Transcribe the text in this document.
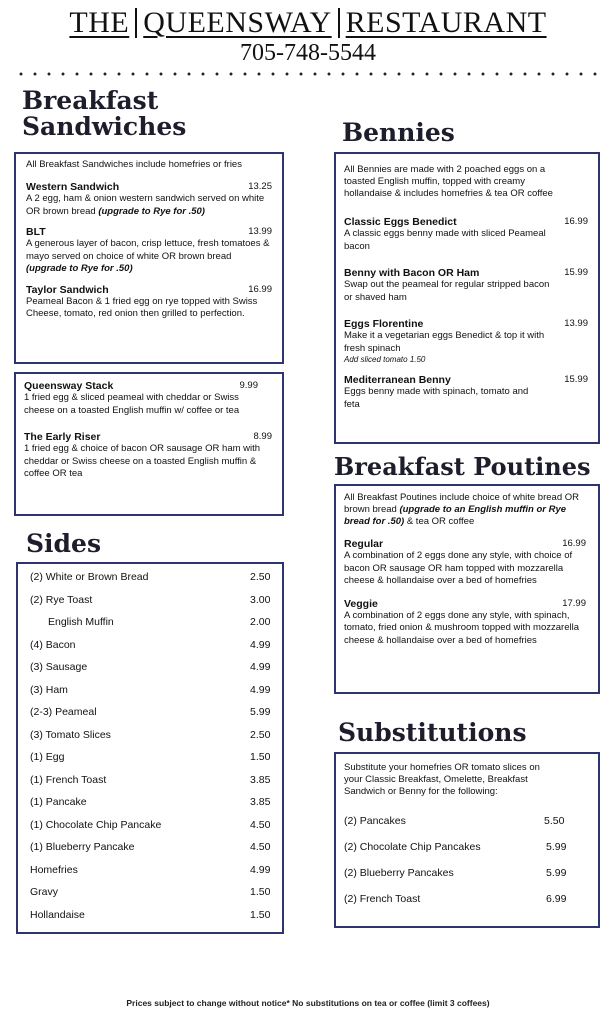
THE QUEENSWAY RESTAURANT
705-748-5544
Breakfast
Sandwiches
All Breakfast Sandwiches include homefries or fries
Western Sandwich	13.25
A 2 egg, ham & onion western sandwich served on white OR brown bread (upgrade to Rye for .50)
BLT	13.99
A generous layer of bacon, crisp lettuce, fresh tomatoes & mayo served on choice of white OR brown bread (upgrade to Rye for .50)
Taylor Sandwich	16.99
Peameal Bacon & 1 fried egg on rye topped with Swiss Cheese, tomato, red onion then grilled to perfection.
Queensway Stack	9.99
1 fried egg & sliced peameal with cheddar or Swiss cheese on a toasted English muffin w/ coffee or tea
The Early Riser	8.99
1 fried egg & choice of bacon OR sausage OR ham with cheddar or Swiss cheese on a toasted English muffin & coffee OR tea
Sides
(2) White or Brown Bread	2.50
(2) Rye Toast	3.00
English Muffin	2.00
(4) Bacon	4.99
(3) Sausage	4.99
(3) Ham	4.99
(2-3) Peameal	5.99
(3) Tomato Slices	2.50
(1) Egg	1.50
(1) French Toast	3.85
(1) Pancake	3.85
(1) Chocolate Chip Pancake	4.50
(1) Blueberry Pancake	4.50
Homefries	4.99
Gravy	1.50
Hollandaise	1.50
Bennies
All Bennies are made with 2 poached eggs on a toasted English muffin, topped with creamy hollandaise & includes homefries & tea OR coffee
Classic Eggs Benedict	16.99
A classic eggs benny made with sliced Peameal bacon
Benny with Bacon OR Ham	15.99
Swap out the peameal for regular stripped bacon or shaved ham
Eggs Florentine	13.99
Make it a vegetarian eggs Benedict & top it with fresh spinach
Add sliced tomato 1.50
Mediterranean Benny	15.99
Eggs benny made with spinach, tomato and feta
Breakfast Poutines
All Breakfast Poutines include choice of white bread OR brown bread (upgrade to an English muffin or Rye bread for .50) & tea OR coffee
Regular	16.99
A combination of 2 eggs done any style, with choice of bacon OR sausage OR ham topped with mozzarella cheese & hollandaise over a bed of homefries
Veggie	17.99
A combination of 2 eggs done any style, with spinach, tomato, fried onion & mushroom topped with mozzarella cheese & hollandaise over a bed of homefries
Substitutions
Substitute your homefries OR tomato slices on your Classic Breakfast, Omelette, Breakfast Sandwich or Benny for the following:
(2) Pancakes	5.50
(2) Chocolate Chip Pancakes	5.99
(2) Blueberry Pancakes	5.99
(2) French Toast	6.99
Prices subject to change without notice* No substitutions on tea or coffee (limit 3 coffees)
